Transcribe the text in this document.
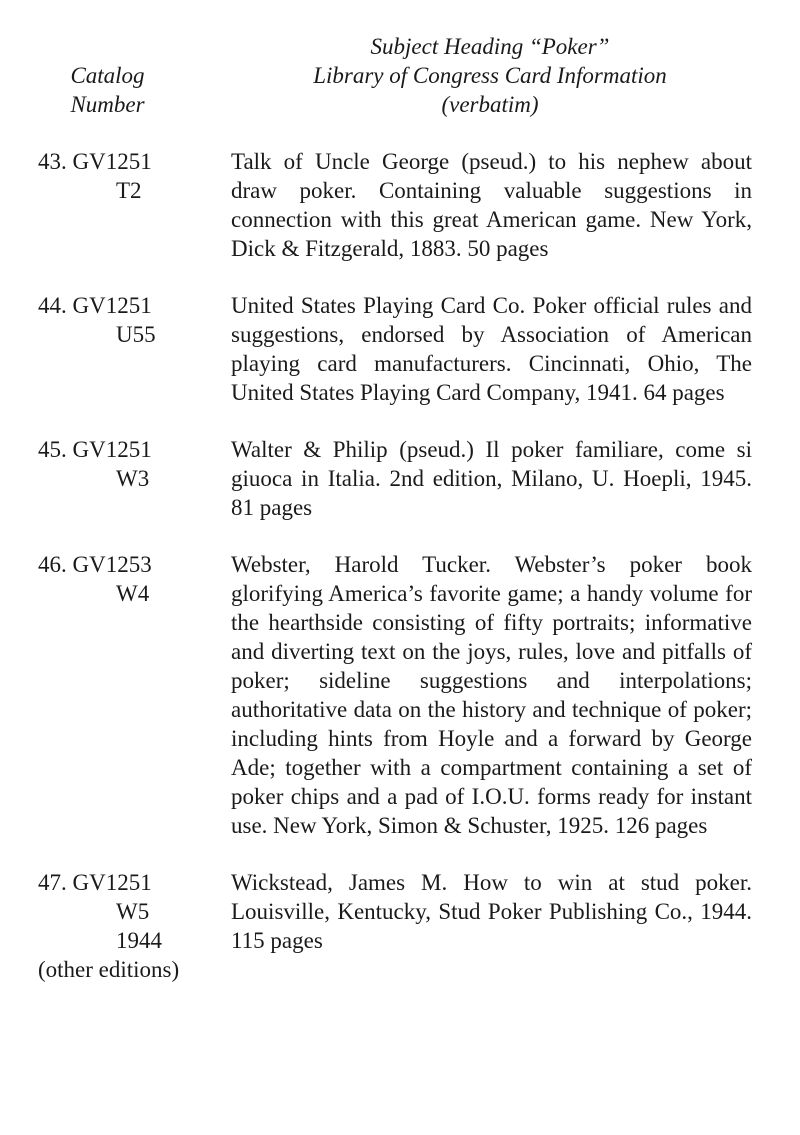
Catalog
Number
Subject Heading “Poker”
Library of Congress Card Information
(verbatim)
43. GV1251
T2
Talk of Uncle George (pseud.) to his nephew about draw poker. Containing valuable suggestions in connection with this great American game. New York, Dick & Fitzgerald, 1883. 50 pages
44. GV1251
U55
United States Playing Card Co. Poker official rules and suggestions, endorsed by Association of American playing card manufacturers. Cincinnati, Ohio, The United States Playing Card Company, 1941. 64 pages
45. GV1251
W3
Walter & Philip (pseud.) Il poker familiare, come si giuoca in Italia. 2nd edition, Milano, U. Hoepli, 1945. 81 pages
46. GV1253
W4
Webster, Harold Tucker. Webster’s poker book glorifying America’s favorite game; a handy volume for the hearthside consisting of fifty portraits; informative and diverting text on the joys, rules, love and pitfalls of poker; sideline suggestions and interpolations; authoritative data on the history and technique of poker; including hints from Hoyle and a forward by George Ade; together with a compartment containing a set of poker chips and a pad of I.O.U. forms ready for instant use. New York, Simon & Schuster, 1925. 126 pages
47. GV1251
W5
1944
(other editions)
Wickstead, James M. How to win at stud poker. Louisville, Kentucky, Stud Poker Publishing Co., 1944. 115 pages
